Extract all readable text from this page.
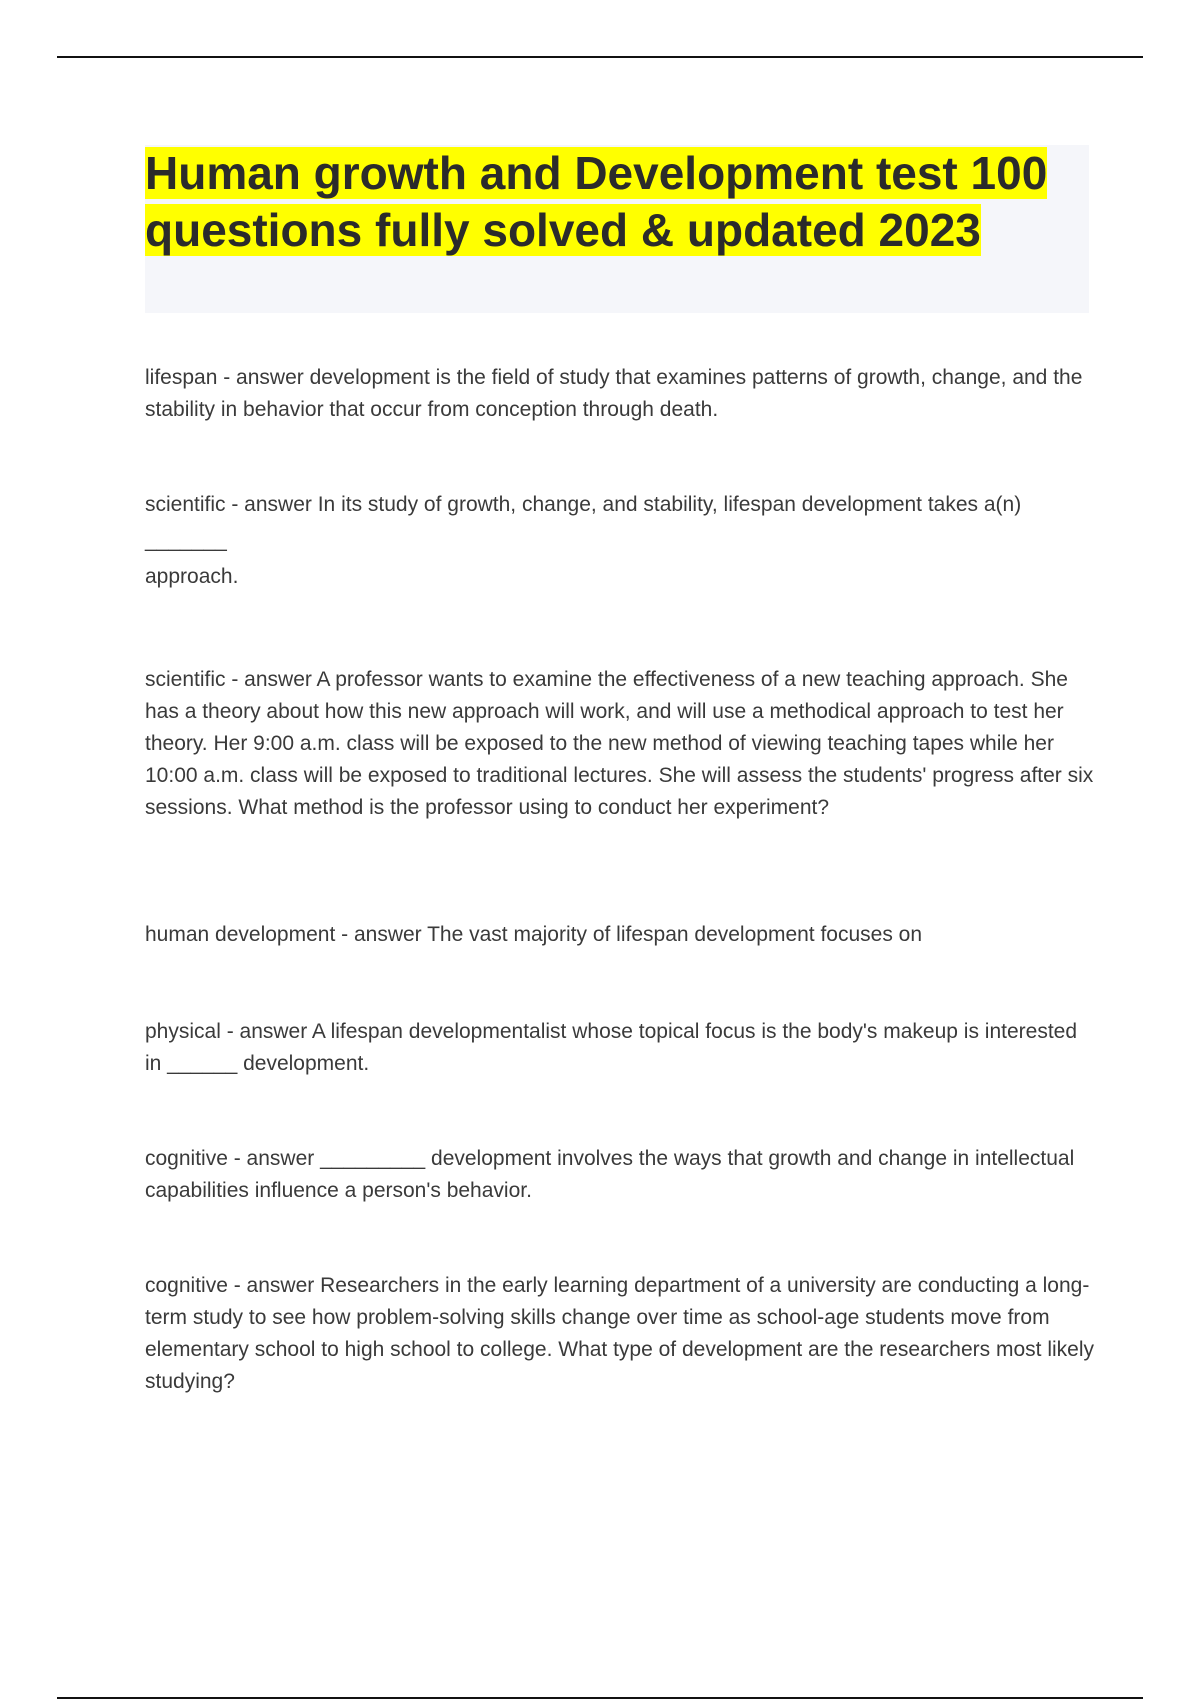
Human growth and Development test 100 questions fully solved & updated 2023

lifespan - answer development is the field of study that examines patterns of growth, change, and the stability in behavior that occur from conception through death.

scientific - answer In its study of growth, change, and stability, lifespan development takes a(n)

_______

approach.

scientific - answer A professor wants to examine the effectiveness of a new teaching approach. She has a theory about how this new approach will work, and will use a methodical approach to test her theory. Her 9:00 a.m. class will be exposed to the new method of viewing teaching tapes while her 10:00 a.m. class will be exposed to traditional lectures. She will assess the students' progress after six sessions. What method is the professor using to conduct her experiment?

human development - answer The vast majority of lifespan development focuses on

physical - answer A lifespan developmentalist whose topical focus is the body's makeup is interested in ______ development.

cognitive - answer _________ development involves the ways that growth and change in intellectual capabilities influence a person's behavior.

cognitive - answer Researchers in the early learning department of a university are conducting a long-term study to see how problem-solving skills change over time as school-age students move from elementary school to high school to college. What type of development are the researchers most likely studying?
